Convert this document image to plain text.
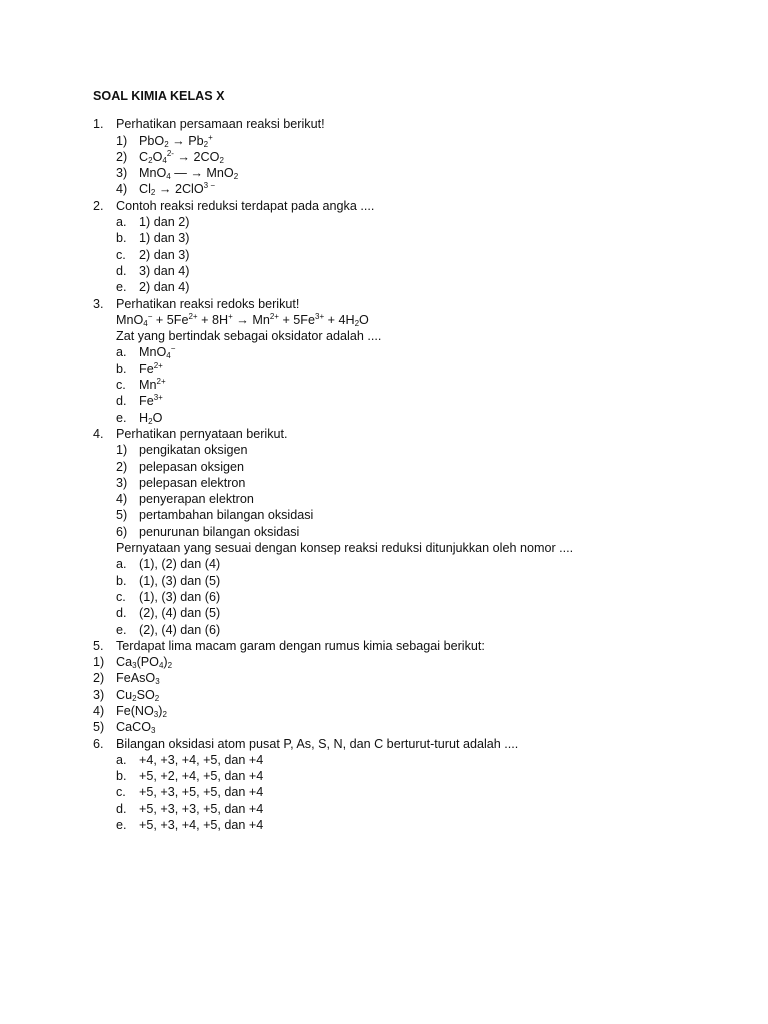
SOAL KIMIA KELAS X
1. Perhatikan persamaan reaksi berikut!
1) $PbO_2 \to Pb_2^+$
2) $C_2O_4^{2-} \to 2CO_2$
3) MnO$_4$ — → MnO$_2$
4) $Cl_2 \to 2ClO^{3 -}$
2. Contoh reaksi reduksi terdapat pada angka ....
a. 1) dan 2)
b. 1) dan 3)
c.	2) dan 3)
d. 3) dan 4)
e. 2) dan 4)
3. Perhatikan reaksi redoks berikut!
$MnO_4^- + 5Fe^{2+} + 8H^+ \to Mn^{2+} + 5Fe^{3+} + 4H_2O$
Zat yang bertindak sebagai oksidator adalah ....
a. MnO$_4$−
b. $Fe^{2+}$
c.	$Mn^{2+}$
d. $Fe^{3+}$
e. $H_2O$
4. Perhatikan pernyataan berikut.
1) pengikatan oksigen
2) pelepasan oksigen
3) pelepasan elektron
4) penyerapan elektron
5) pertambahan bilangan oksidasi
6) penurunan bilangan oksidasi
Pernyataan yang sesuai dengan konsep reaksi reduksi ditunjukkan oleh nomor ....
a. (1), (2) dan (4)
b. (1), (3) dan (5)
c.	(1), (3) dan (6)
d. (2), (4) dan (5)
e. (2), (4) dan (6)
5. Terdapat lima macam garam dengan rumus kimia sebagai berikut:
1) $Ca_3(PO_4)_2$
2) FeAsO$_3$
3) $Cu_2SO_2$
4) $Fe(NO_3)_2$
5) CaCO$_3$
6. Bilangan oksidasi atom pusat P, As, S, N, dan C berturut-turut adalah ....
a. +4, +3, +4, +5, dan +4
b. +5, +2, +4, +5, dan +4
c.	+5, +3, +5, +5, dan +4
d. +5, +3, +3, +5, dan +4
e. +5, +3, +4, +5, dan +4
